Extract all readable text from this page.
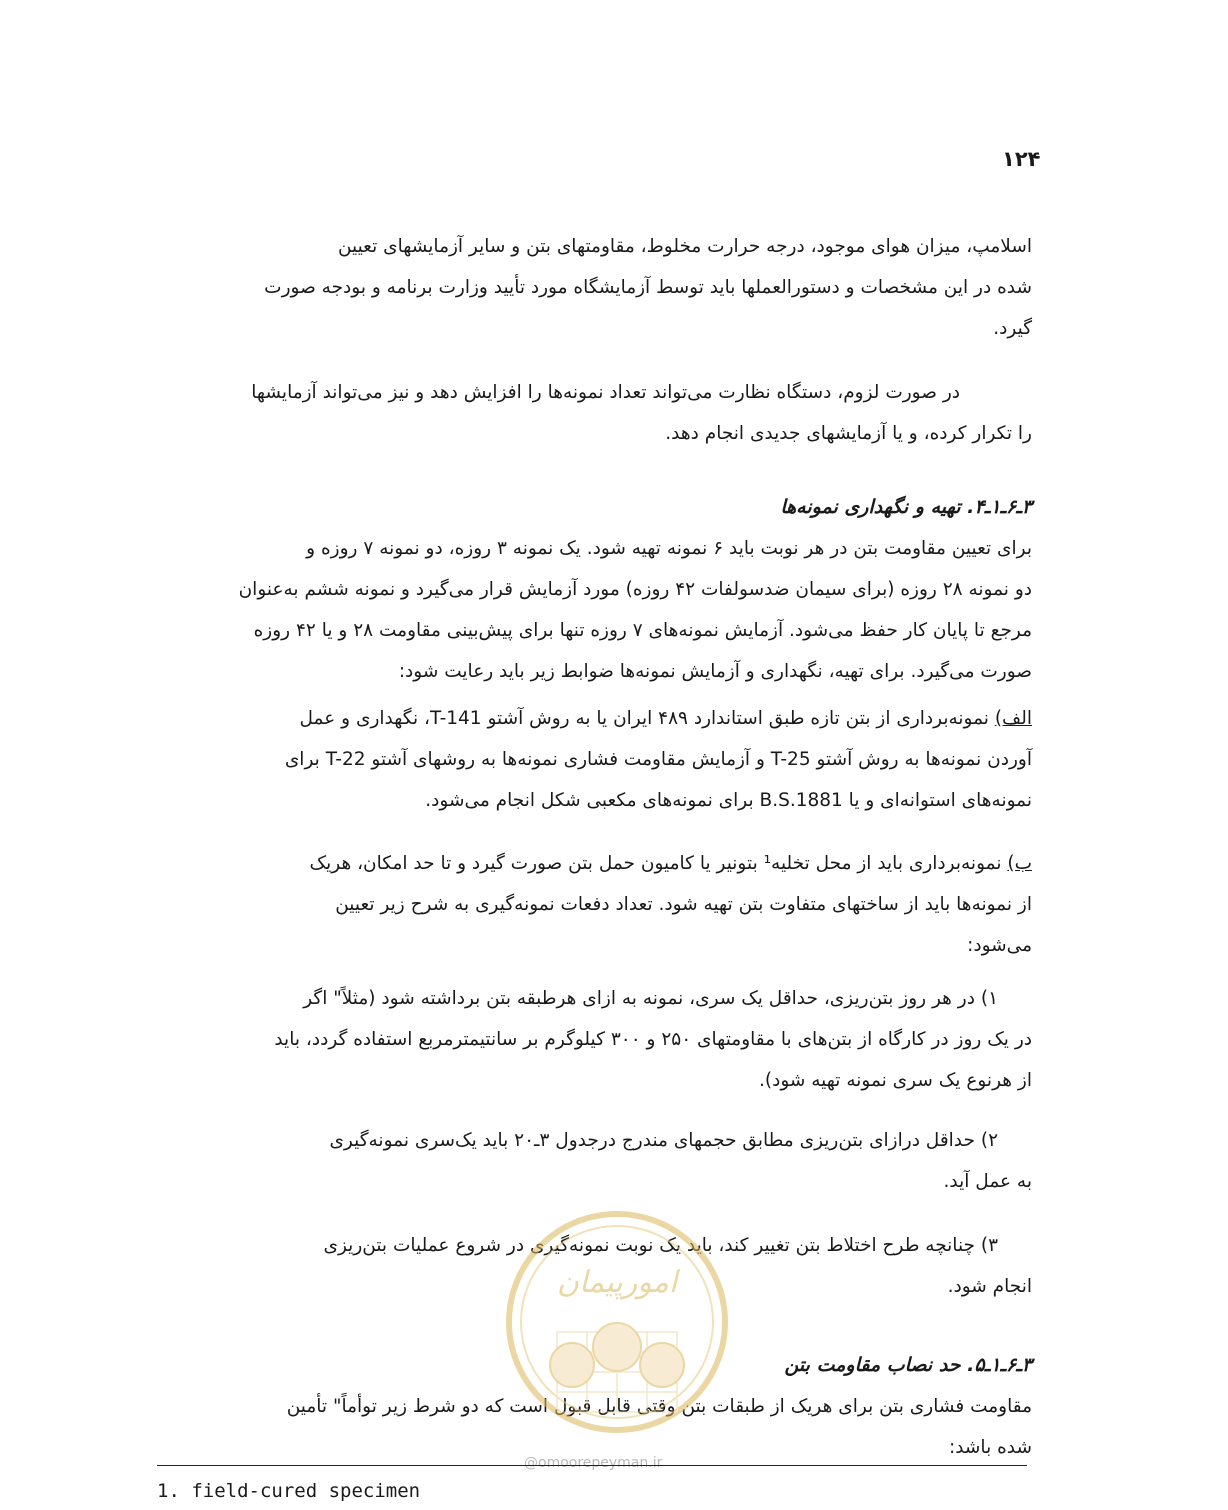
۱۲۴
اسلامپ، میزان هوای موجود، درجه حرارت مخلوط، مقاومتهای بتن و سایر آزمایشهای تعیین
شده در این مشخصات و دستورالعملها باید توسط آزمایشگاه مورد تأیید وزارت برنامه و بودجه صورت
گیرد.
در صورت لزوم، دستگاه نظارت می‌تواند تعداد نمونه‌ها را افزایش دهد و نیز می‌تواند آزمایشها
را تکرار کرده، و یا آزمایشهای جدیدی انجام دهد.
۳ـ۶ـ۱ـ۴. تهیه و نگهداری نمونه‌ها
برای تعیین مقاومت بتن در هر نوبت باید ۶ نمونه تهیه شود. یک نمونه ۳ روزه، دو نمونه ۷ روزه و
دو نمونه ۲۸ روزه (برای سیمان ضدسولفات ۴۲ روزه) مورد آزمایش قرار می‌گیرد و نمونه ششم به‌عنوان
مرجع تا پایان کار حفظ می‌شود. آزمایش نمونه‌های ۷ روزه تنها برای پیش‌بینی مقاومت ۲۸ و یا ۴۲ روزه
صورت می‌گیرد. برای تهیه، نگهداری و آزمایش نمونه‌ها ضوابط زیر باید رعایت شود:
الف) نمونه‌برداری از بتن تازه طبق استاندارد ۴۸۹ ایران یا به روش آشتو T-141، نگهداری و عمل
آوردن نمونه‌ها به روش آشتو T-25 و آزمایش مقاومت فشاری نمونه‌ها به روشهای آشتو T-22 برای
نمونه‌های استوانه‌ای و یا B.S.1881 برای نمونه‌های مکعبی شکل انجام می‌شود.
ب) نمونه‌برداری باید از محل تخلیه¹ بتونیر یا کامیون حمل بتن صورت گیرد و تا حد امکان، هریک
از نمونه‌ها باید از ساختهای متفاوت بتن تهیه شود. تعداد دفعات نمونه‌گیری به شرح زیر تعیین
می‌شود:
۱) در هر روز بتن‌ریزی، حداقل یک سری، نمونه به ازای هرطبقه بتن برداشته شود (مثلاً" اگر
در یک روز در کارگاه از بتن‌های با مقاومتهای ۲۵۰ و ۳۰۰ کیلوگرم بر سانتیمترمربع استفاده گردد، باید
از هرنوع یک سری نمونه تهیه شود).
۲) حداقل درازای بتن‌ریزی مطابق حجمهای مندرج درجدول ۳ـ۲۰ باید یک‌سری نمونه‌گیری
به عمل آید.
۳) چنانچه طرح اختلاط بتن تغییر کند، باید یک نوبت نمونه‌گیری در شروع عملیات بتن‌ریزی
انجام شود.
۳ـ۶ـ۱ـ۵. حد نصاب مقاومت بتن
مقاومت فشاری بتن برای هریک از طبقات بتن وقتی قابل قبول است که دو شرط زیر توأماً" تأمین
شده باشد:
امورپیمان
@omoorepeyman.ir
1. field-cured specimen
